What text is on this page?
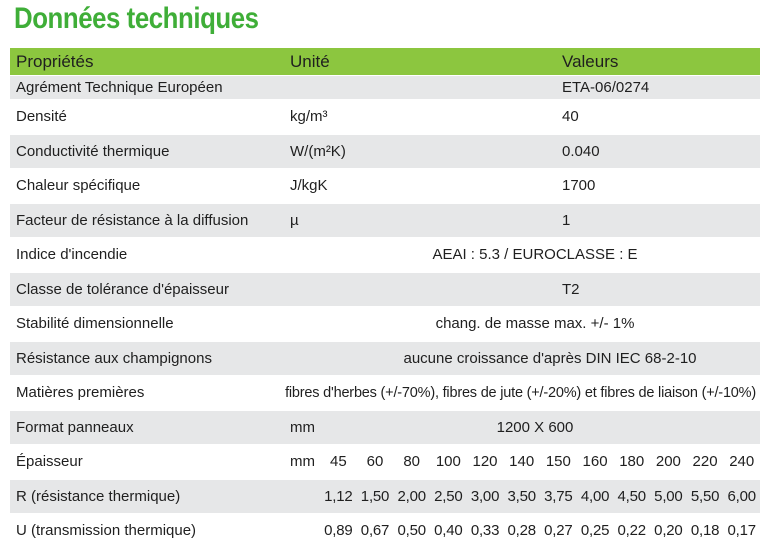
Données techniques
Propriétés	Unité	Valeurs
Agrément Technique Européen	ETA-06/0274
Densité	kg/m³	40
Conductivité thermique	W/(m²K)	0.040
Chaleur spécifique	J/kgK	1700
Facteur de résistance à la diffusion	µ	1
Indice d'incendie	AEAI : 5.3 / EUROCLASSE : E
Classe de tolérance d'épaisseur	T2
Stabilité dimensionnelle	chang. de masse max. +/- 1%
Résistance aux champignons	aucune croissance d'après DIN IEC 68-2-10
Matières premières	fibres d'herbes (+/-70%), fibres de jute (+/-20%) et fibres de liaison (+/-10%)
Format panneaux	mm	1200 X 600
Épaisseur	mm 45	60	80	100 120 140 150 160 180 200 220 240
R (résistance thermique)	1,12 1,50 2,00 2,50 3,00 3,50 3,75 4,00 4,50 5,00 5,50 6,00
U (transmission thermique)	0,89 0,67 0,50 0,40 0,33 0,28 0,27 0,25 0,22 0,20 0,18 0,17
